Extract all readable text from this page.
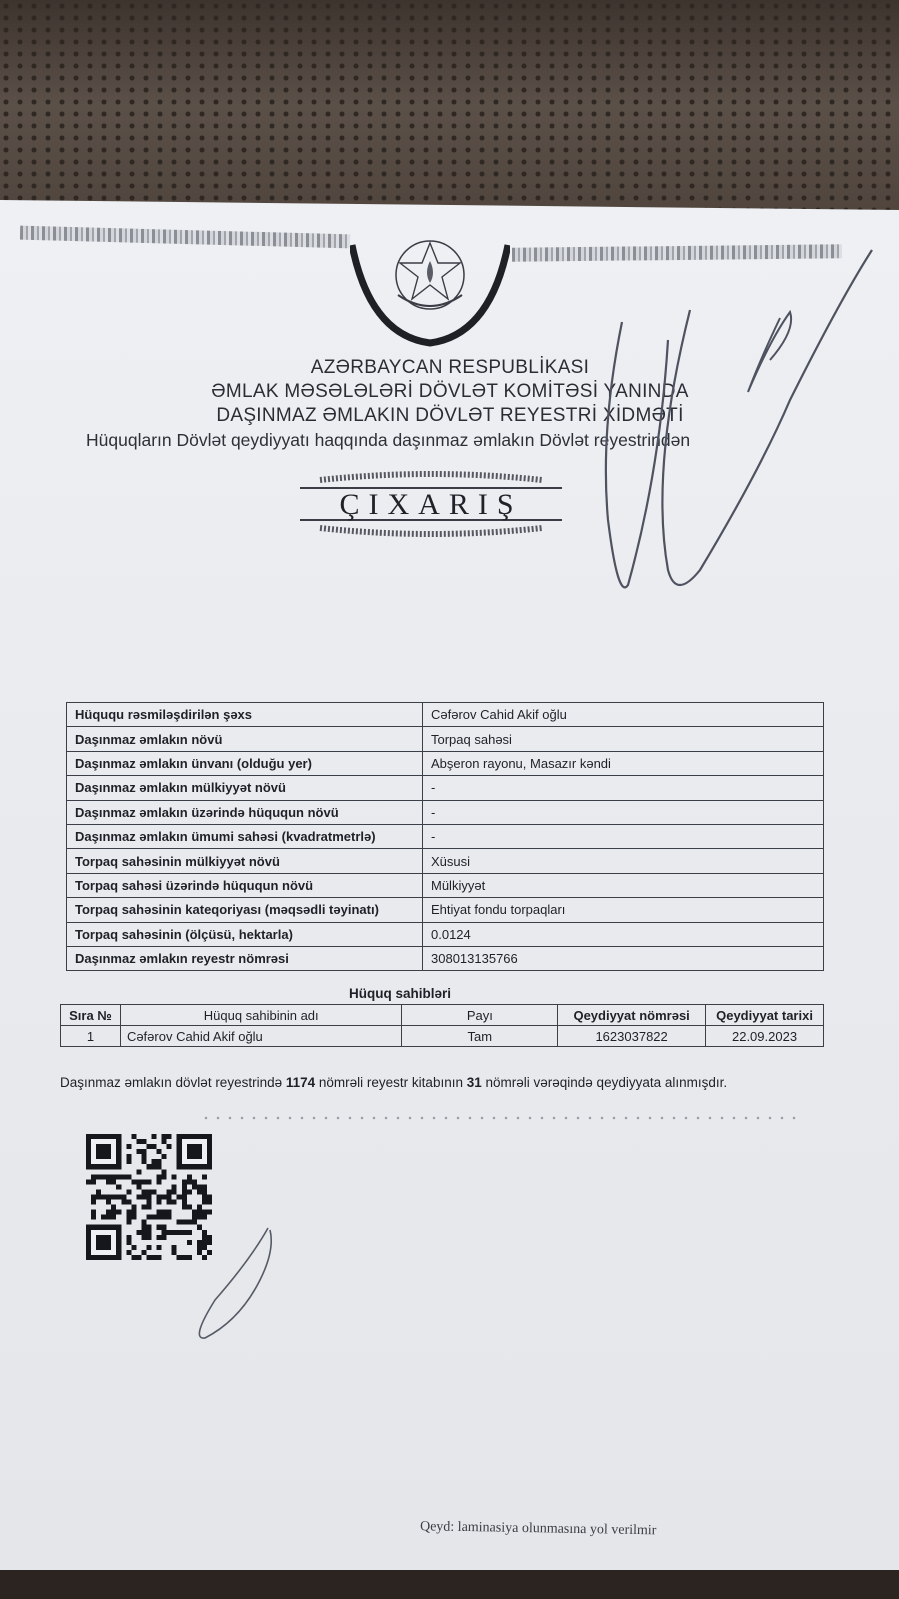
AZƏRBAYCAN RESPUBLİKASI
ƏMLAK MƏSƏLƏLƏRİ DÖVLƏT KOMİTƏSİ YANINDA
DAŞINMAZ ƏMLAKIN DÖVLƏT REYESTRİ XİDMƏTİ
Hüquqların Dövlət qeydiyyatı haqqında daşınmaz əmlakın Dövlət reyestrindən
ÇIXARIŞ
Hüququ rəsmiləşdirilən şəxs	Cəfərov Cahid Akif oğlu
Daşınmaz əmlakın növü	Torpaq sahəsi
Daşınmaz əmlakın ünvanı (olduğu yer)	Abşeron rayonu, Masazır kəndi
Daşınmaz əmlakın mülkiyyət növü	-
Daşınmaz əmlakın üzərində hüququn növü	-
Daşınmaz əmlakın ümumi sahəsi (kvadratmetrlə)	-
Torpaq sahəsinin mülkiyyət növü	Xüsusi
Torpaq sahəsi üzərində hüququn növü	Mülkiyyət
Torpaq sahəsinin kateqoriyası (məqsədli təyinatı)	Ehtiyat fondu torpaqları
Torpaq sahəsinin (ölçüsü, hektarla)	0.0124
Daşınmaz əmlakın reyestr nömrəsi	308013135766
Hüquq sahibləri
Sıra №	Hüquq sahibinin adı	Payı	Qeydiyyat nömrəsi	Qeydiyyat tarixi
1	Cəfərov Cahid Akif oğlu	Tam	1623037822	22.09.2023
Daşınmaz əmlakın dövlət reyestrində 1174 nömrəli reyestr kitabının 31 nömrəli vərəqində qeydiyyata alınmışdır.
Qeyd: laminasiya olunmasına yol verilmir
